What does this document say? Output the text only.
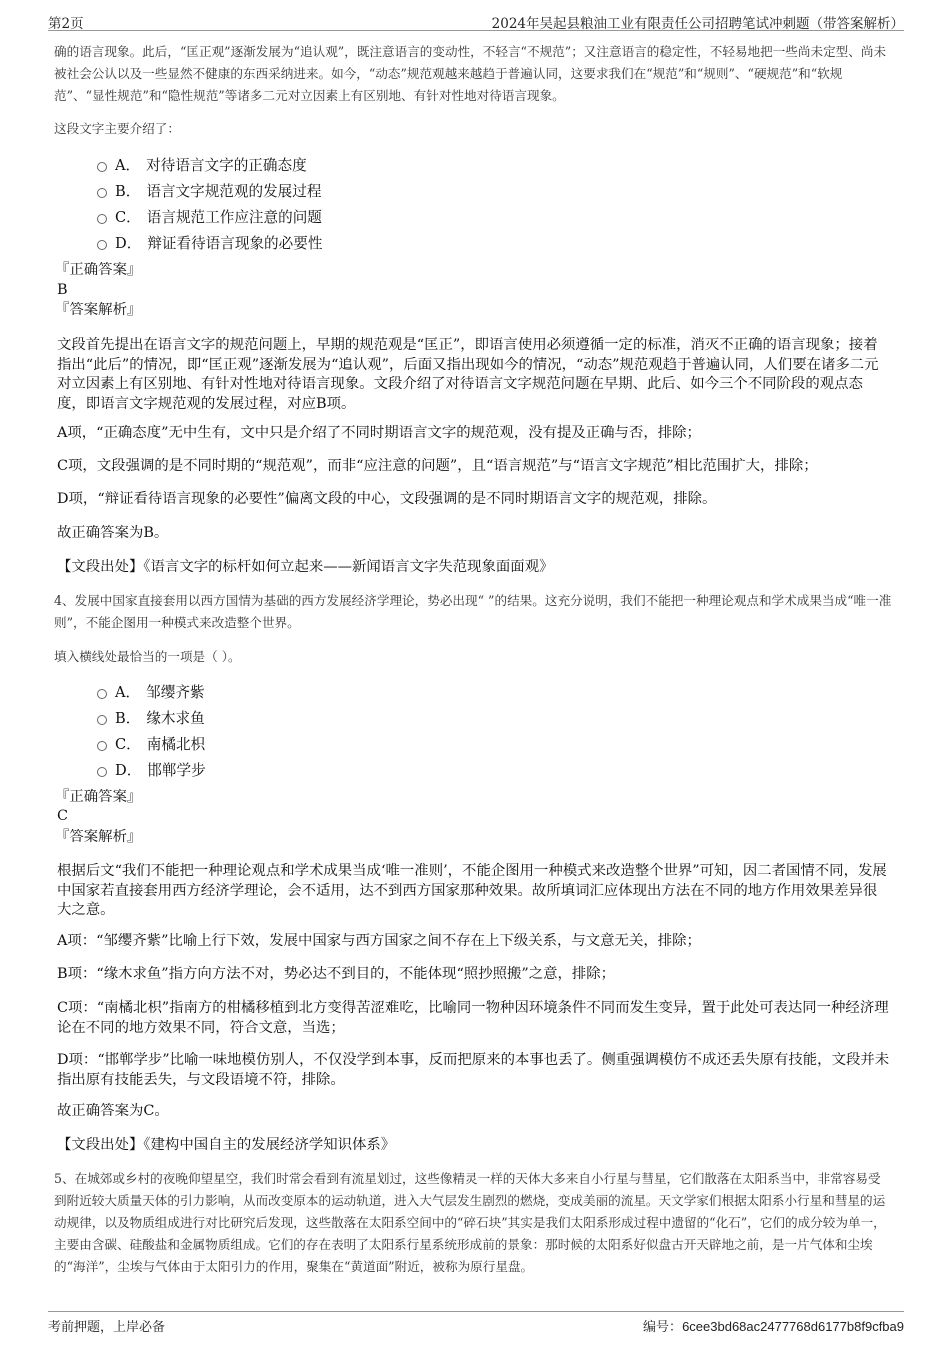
第2页	2024年吴起县粮油工业有限责任公司招聘笔试冲刺题（带答案解析）

确的语言现象。此后，“匡正观”逐渐发展为“追认观”，既注意语言的变动性，不轻言“不规范”；又注意语言的稳定性，不轻易地把一些尚未定型、尚未被社会公认以及一些显然不健康的东西采纳进来。如今，“动态”规范观越来越趋于普遍认同，这要求我们在“规范”和“规则”、“硬规范”和“软规范”、“显性规范”和“隐性规范”等诸多二元对立因素上有区别地、有针对性地对待语言现象。

这段文字主要介绍了：

A． 对待语言文字的正确态度
B． 语言文字规范观的发展过程
C． 语言规范工作应注意的问题
D． 辩证看待语言现象的必要性

『正确答案』

B

『答案解析』

文段首先提出在语言文字的规范问题上，早期的规范观是“匡正”，即语言使用必须遵循一定的标准，消灭不正确的语言现象；接着指出“此后”的情况，即“匡正观”逐渐发展为“追认观”，后面又指出现如今的情况，“动态”规范观趋于普遍认同，人们要在诸多二元对立因素上有区别地、有针对性地对待语言现象。文段介绍了对待语言文字规范问题在早期、此后、如今三个不同阶段的观点态度，即语言文字规范观的发展过程，对应B项。

A项，“正确态度”无中生有，文中只是介绍了不同时期语言文字的规范观，没有提及正确与否，排除；

C项，文段强调的是不同时期的“规范观”，而非“应注意的问题”，且“语言规范”与“语言文字规范”相比范围扩大，排除；

D项，“辩证看待语言现象的必要性”偏离文段的中心，文段强调的是不同时期语言文字的规范观，排除。

故正确答案为B。

【文段出处】《语言文字的标杆如何立起来——新闻语言文字失范现象面面观》

4、发展中国家直接套用以西方国情为基础的西方发展经济学理论，势必出现“ ”的结果。这充分说明，我们不能把一种理论观点和学术成果当成“唯一准则”，不能企图用一种模式来改造整个世界。

填入横线处最恰当的一项是（ ）。

A． 邹缨齐紫
B． 缘木求鱼
C． 南橘北枳
D． 邯郸学步

『正确答案』

C

『答案解析』

根据后文“我们不能把一种理论观点和学术成果当成‘唯一准则’，不能企图用一种模式来改造整个世界”可知，因二者国情不同，发展中国家若直接套用西方经济学理论，会不适用，达不到西方国家那种效果。故所填词汇应体现出方法在不同的地方作用效果差异很大之意。

A项：“邹缨齐紫”比喻上行下效，发展中国家与西方国家之间不存在上下级关系，与文意无关，排除；

B项：“缘木求鱼”指方向方法不对，势必达不到目的，不能体现“照抄照搬”之意，排除；

C项：“南橘北枳”指南方的柑橘移植到北方变得苦涩难吃，比喻同一物种因环境条件不同而发生变异，置于此处可表达同一种经济理论在不同的地方效果不同，符合文意，当选；

D项：“邯郸学步”比喻一味地模仿别人，不仅没学到本事，反而把原来的本事也丢了。侧重强调模仿不成还丢失原有技能，文段并未指出原有技能丢失，与文段语境不符，排除。

故正确答案为C。

【文段出处】《建构中国自主的发展经济学知识体系》

5、在城郊或乡村的夜晚仰望星空，我们时常会看到有流星划过，这些像精灵一样的天体大多来自小行星与彗星，它们散落在太阳系当中，非常容易受到附近较大质量天体的引力影响，从而改变原本的运动轨道，进入大气层发生剧烈的燃烧，变成美丽的流星。天文学家们根据太阳系小行星和彗星的运动规律，以及物质组成进行对比研究后发现，这些散落在太阳系空间中的“碎石块”其实是我们太阳系形成过程中遗留的“化石”，它们的成分较为单一，主要由含碳、硅酸盐和金属物质组成。它们的存在表明了太阳系行星系统形成前的景象：那时候的太阳系好似盘古开天辟地之前，是一片气体和尘埃的“海洋”，尘埃与气体由于太阳引力的作用，聚集在“黄道面”附近，被称为原行星盘。

考前押题，上岸必备	编号：6cee3bd68ac2477768d6177b8f9cfba9
